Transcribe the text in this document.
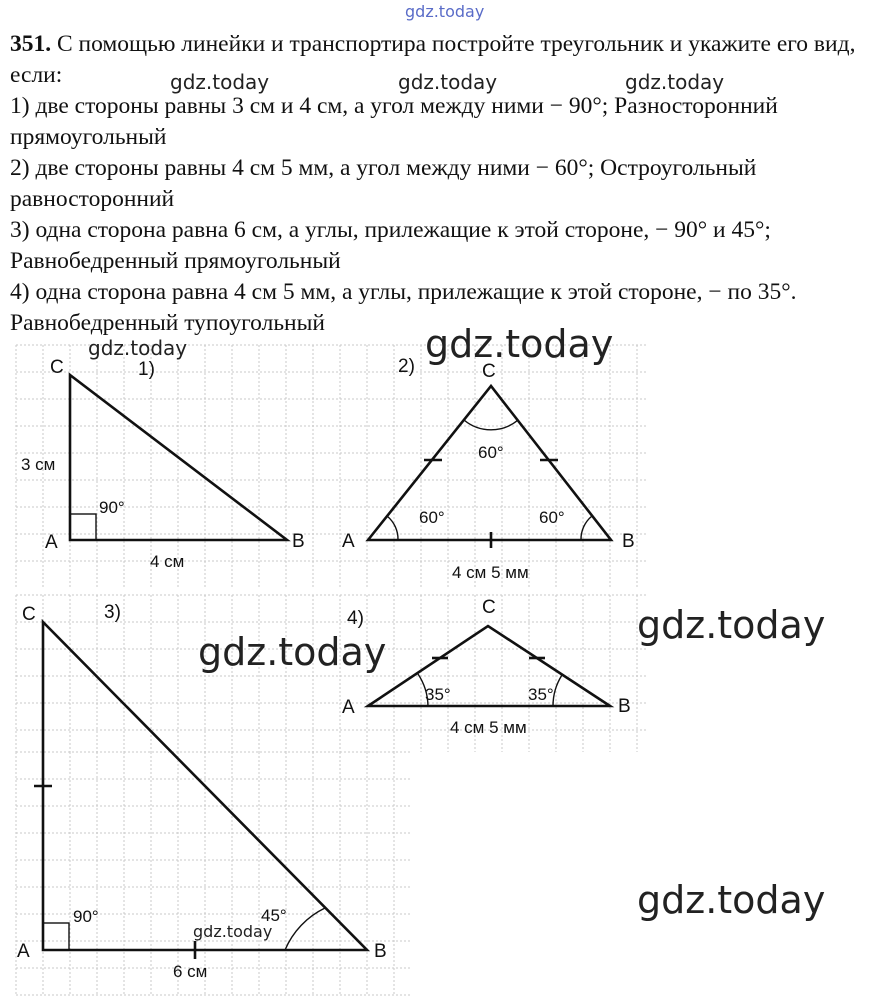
gdz.today

351. С помощью линейки и транспортира постройте треугольник и укажите его вид, если:

1) две стороны равны 3 см и 4 см, а угол между ними − 90°; Разносторонний прямоугольный

2) две стороны равны 4 см 5 мм, а угол между ними − 60°; Остроугольный равносторонний

3) одна сторона равна 6 см, а углы, прилежащие к этой стороне, − 90° и 45°; Равнобедренный прямоугольный

4) одна сторона равна 4 см 5 мм, а углы, прилежащие к этой стороне, − по 35°. Равнобедренный тупоугольный

gdz.today	gdz.today	gdz.today
1)
C
A	B
3 см
4 см
90°
2)	C
A	B
60°
60°	60°
4 см 5 мм
3)
C
A	B
90°	45°
6 см
4)
C
A	B
35°	35°
4 см 5 мм
gdz.today	gdz.today
gdz.today
gdz.today
gdz.today
gdz.today
